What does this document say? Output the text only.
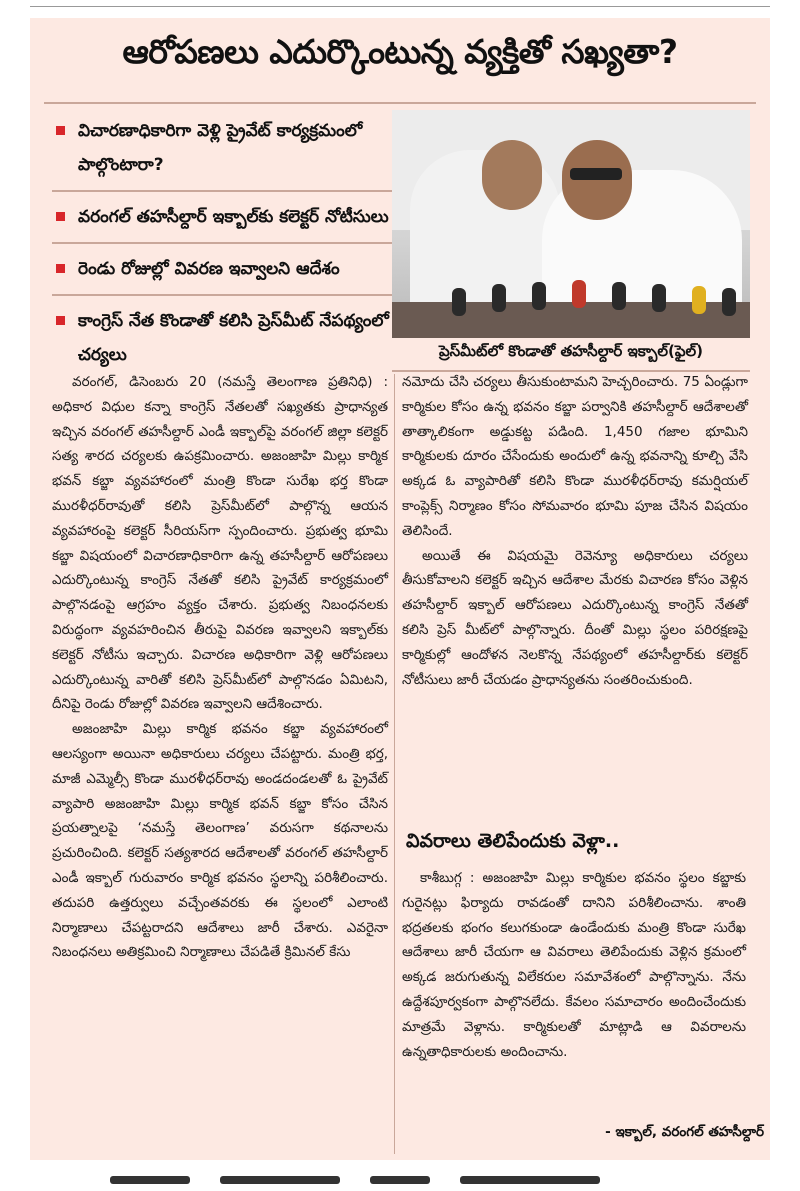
ఆరోపణలు ఎదుర్కొంటున్న వ్యక్తితో సఖ్యతా?
విచారణాధికారిగా వెళ్లి ప్రైవేట్ కార్యక్రమంలో పాల్గొంటారా?
వరంగల్ తహసీల్దార్ ఇక్బాల్‌కు కలెక్టర్ నోటీసులు
రెండు రోజుల్లో వివరణ ఇవ్వాలని ఆదేశం
కాంగ్రెస్ నేత కొండాతో కలిసి ప్రెస్‌మీట్ నేపథ్యంలో చర్యలు	ప్రెస్‌మీట్‌లో కొండాతో తహసీల్దార్ ఇక్బాల్(ఫైల్)

వరంగల్, డిసెంబరు 20 (నమస్తే తెలంగాణ ప్రతినిధి) : అధికార విధుల కన్నా కాంగ్రెస్ నేతలతో సఖ్యతకు ప్రాధాన్యత ఇచ్చిన వరంగల్ తహసీల్దార్ ఎండీ ఇక్బాల్‌పై వరంగల్ జిల్లా కలెక్టర్ సత్య శారద చర్యలకు ఉపక్రమించారు. అజంజాహి మిల్లు కార్మిక భవన్ కబ్జా వ్యవహారంలో మంత్రి కొండా సురేఖ భర్త కొండా మురళీధర్‌రావుతో కలిసి ప్రెస్‌మీట్‌లో పాల్గొన్న ఆయన వ్యవహారంపై కలెక్టర్ సీరియస్‌గా స్పందించారు. ప్రభుత్వ భూమి కబ్జా విషయంలో విచారణాధికారిగా ఉన్న తహసీల్దార్ ఆరోపణలు ఎదుర్కొంటున్న కాంగ్రెస్ నేతతో కలిసి ప్రైవేట్ కార్యక్రమంలో పాల్గొనడంపై ఆగ్రహం వ్యక్తం చేశారు. ప్రభుత్వ నిబంధనలకు విరుద్ధంగా వ్యవహరించిన తీరుపై వివరణ ఇవ్వాలని ఇక్బాల్‌కు కలెక్టర్ నోటీసు ఇచ్చారు. విచారణ అధికారిగా వెళ్లి ఆరోపణలు ఎదుర్కొంటున్న వారితో కలిసి ప్రెస్‌మీట్‌లో పాల్గొనడం ఏమిటని, దీనిపై రెండు రోజుల్లో వివరణ ఇవ్వాలని ఆదేశించారు.

అజంజాహి మిల్లు కార్మిక భవనం కబ్జా వ్యవహారంలో ఆలస్యంగా అయినా అధికారులు చర్యలు చేపట్టారు. మంత్రి భర్త, మాజీ ఎమ్మెల్సీ కొండా మురళీధర్‌రావు అండదండలతో ఓ ప్రైవేట్ వ్యాపారి అజంజాహి మిల్లు కార్మిక భవన్ కబ్జా కోసం చేసిన ప్రయత్నాలపై ‘నమస్తే తెలంగాణ’ వరుసగా కథనాలను ప్రచురించింది. కలెక్టర్ సత్యశారద ఆదేశాలతో వరంగల్ తహసీల్దార్ ఎండీ ఇక్బాల్ గురువారం కార్మిక భవనం స్థలాన్ని పరిశీలించారు. తదుపరి ఉత్తర్వులు వచ్చేంతవరకు ఈ స్థలంలో ఎలాంటి నిర్మాణాలు చేపట్టరాదని ఆదేశాలు జారీ చేశారు. ఎవరైనా నిబంధనలు అతిక్రమించి నిర్మాణాలు చేపడితే క్రిమినల్ కేసు

నమోదు చేసి చర్యలు తీసుకుంటామని హెచ్చరించారు. 75 ఏండ్లుగా కార్మికుల కోసం ఉన్న భవనం కబ్జా పర్వానికి తహసీల్దార్ ఆదేశాలతో తాత్కాలికంగా అడ్డుకట్ట పడింది. 1,450 గజాల భూమిని కార్మికులకు దూరం చేసేందుకు అందులో ఉన్న భవనాన్ని కూల్చి వేసి అక్కడ ఓ వ్యాపారితో కలిసి కొండా మురళీధర్‌రావు కమర్షియల్ కాంప్లెక్స్ నిర్మాణం కోసం సోమవారం భూమి పూజ చేసిన విషయం తెలిసిందే.

అయితే ఈ విషయమై రెవెన్యూ అధికారులు చర్యలు తీసుకోవాలని కలెక్టర్ ఇచ్చిన ఆదేశాల మేరకు విచారణ కోసం వెళ్లిన తహసీల్దార్ ఇక్బాల్ ఆరోపణలు ఎదుర్కొంటున్న కాంగ్రెస్ నేతతో కలిసి ప్రెస్ మీట్‌లో పాల్గొన్నారు. దీంతో మిల్లు స్థలం పరిరక్షణపై కార్మికుల్లో ఆందోళన నెలకొన్న నేపథ్యంలో తహసీల్దార్‌కు కలెక్టర్ నోటీసులు జారీ చేయడం ప్రాధాన్యతను సంతరించుకుంది.

వివరాలు తెలిపేందుకు వెళ్లా..

కాశీబుగ్గ : అజంజాహి మిల్లు కార్మికుల భవనం స్థలం కబ్జాకు గురైనట్లు ఫిర్యాదు రావడంతో దానిని పరిశీలించాను. శాంతి భద్రతలకు భంగం కలుగకుండా ఉండేందుకు మంత్రి కొండా సురేఖ ఆదేశాలు జారీ చేయగా ఆ వివరాలు తెలిపేందుకు వెళ్లిన క్రమంలో అక్కడ జరుగుతున్న విలేకరుల సమావేశంలో పాల్గొన్నాను. నేను ఉద్దేశపూర్వకంగా పాల్గొనలేదు. కేవలం సమాచారం అందించేందుకు మాత్రమే వెళ్లాను. కార్మికులతో మాట్లాడి ఆ వివరాలను ఉన్నతాధికారులకు అందించాను.

- ఇక్బాల్, వరంగల్ తహసీల్దార్
